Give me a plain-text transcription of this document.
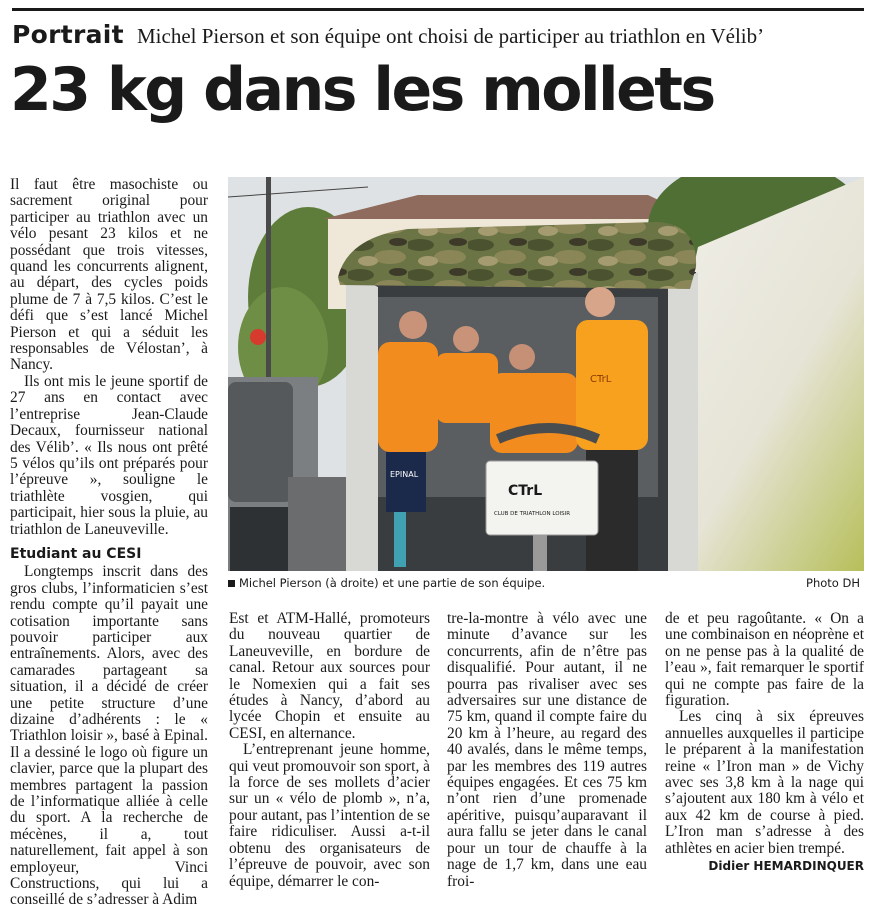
Portrait Michel Pierson et son équipe ont choisi de participer au triathlon en Vélib’
23 kg dans les mollets

Il faut être masochiste ou sacrement original pour participer au triathlon avec un vélo pesant 23 kilos et ne possédant que trois vitesses, quand les concurrents alignent, au départ, des cycles poids plume de 7 à 7,5 kilos. C’est le défi que s’est lancé Michel Pierson et qui a séduit les responsables de Vélostan’, à Nancy.

Ils ont mis le jeune sportif de 27 ans en contact avec l’entreprise Jean-Claude Decaux, fournisseur national des Vélib’. « Ils nous ont prêté 5 vélos qu’ils ont préparés pour l’épreuve », souligne le triathlète vosgien, qui participait, hier sous la pluie, au triathlon de Laneuveville.

Etudiant au CESI

Longtemps inscrit dans des gros clubs, l’informaticien s’est rendu compte qu’il payait une cotisation importante sans pouvoir participer aux entraînements. Alors, avec des camarades partageant sa situation, il a décidé de créer une petite structure d’une dizaine d’adhérents : le « Triathlon loisir », basé à Epinal. Il a dessiné le logo où figure un clavier, parce que la plupart des membres partagent la passion de l’informatique alliée à celle du sport. A la recherche de mécènes, il a, tout naturellement, fait appel à son employeur, Vinci Constructions, qui lui a conseillé de s’adresser à Adim

EPINAL
CTrL
CTrL
CLUB DE TRIATHLON LOISIR
Michel Pierson (à droite) et une partie de son équipe.	Photo DH

Est et ATM-Hallé, promoteurs du nouveau quartier de Laneuveville, en bordure de canal. Retour aux sources pour le Nomexien qui a fait ses études à Nancy, d’abord au lycée Chopin et ensuite au CESI, en alternance.

L’entreprenant jeune homme, qui veut promouvoir son sport, à la force de ses mollets d’acier sur un « vélo de plomb », n’a, pour autant, pas l’intention de se faire ridiculiser. Aussi a-t-il obtenu des organisateurs de l’épreuve de pouvoir, avec son équipe, démarrer le con-

tre-la-montre à vélo avec une minute d’avance sur les concurrents, afin de n’être pas disqualifié. Pour autant, il ne pourra pas rivaliser avec ses adversaires sur une distance de 75 km, quand il compte faire du 20 km à l’heure, au regard des 40 avalés, dans le même temps, par les membres des 119 autres équipes engagées. Et ces 75 km n’ont rien d’une promenade apéritive, puisqu’auparavant il aura fallu se jeter dans le canal pour un tour de chauffe à la nage de 1,7 km, dans une eau froi-

de et peu ragoûtante. « On a une combinaison en néoprène et on ne pense pas à la qualité de l’eau », fait remarquer le sportif qui ne compte pas faire de la figuration.

Les cinq à six épreuves annuelles auxquelles il participe le préparent à la manifestation reine « l’Iron man » de Vichy avec ses 3,8 km à la nage qui s’ajoutent aux 180 km à vélo et aux 42 km de course à pied. L’Iron man s’adresse à des athlètes en acier bien trempé.

Didier HEMARDINQUER
